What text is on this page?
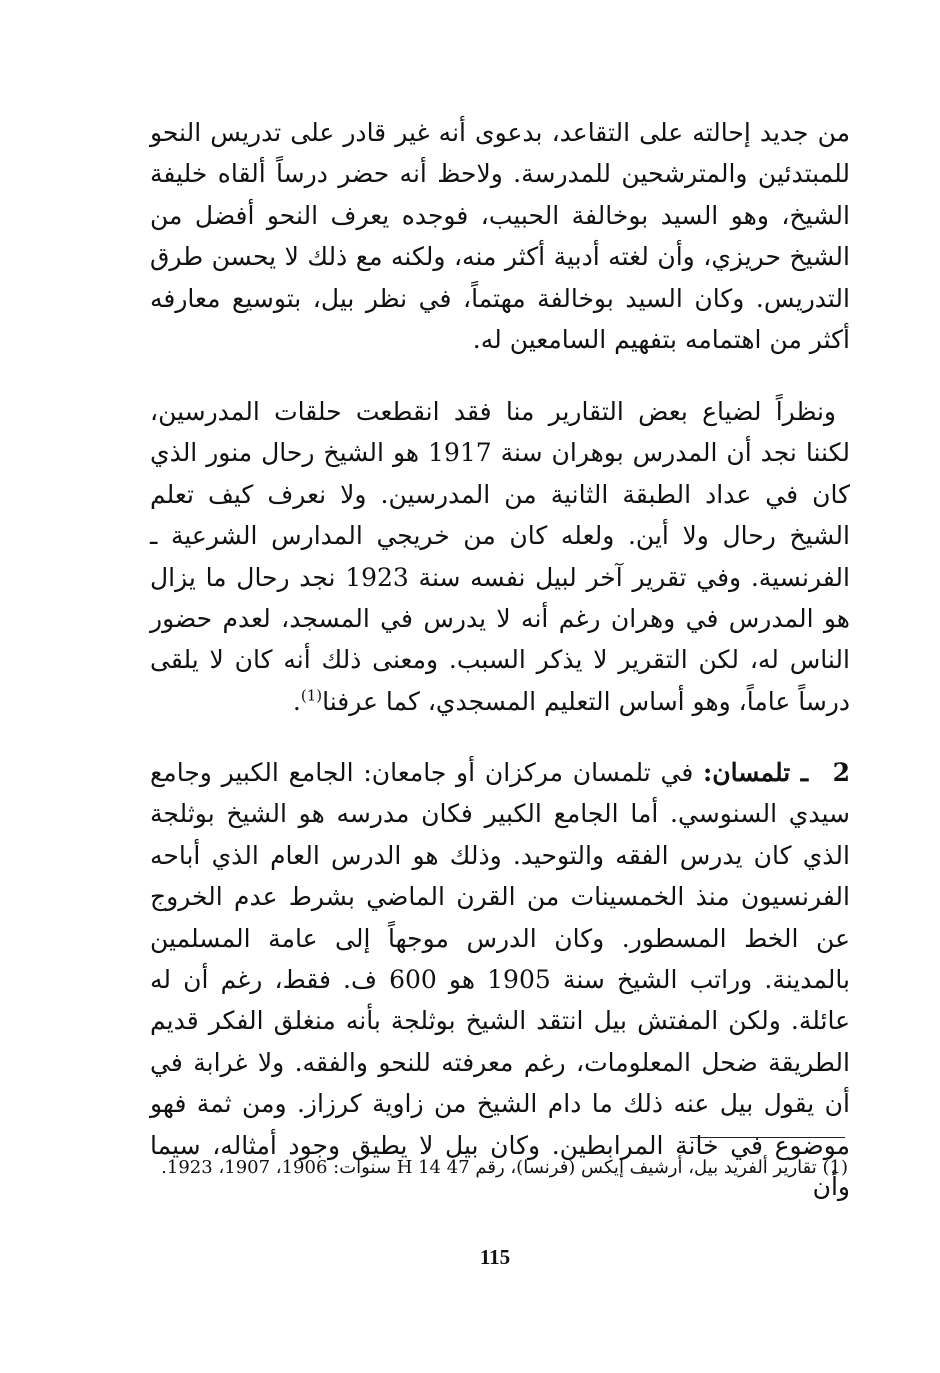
من جديد إحالته على التقاعد، بدعوى أنه غير قادر على تدريس النحو للمبتدئين والمترشحين للمدرسة. ولاحظ أنه حضر درساً ألقاه خليفة الشيخ، وهو السيد بوخالفة الحبيب، فوجده يعرف النحو أفضل من الشيخ حريزي، وأن لغته أدبية أكثر منه، ولكنه مع ذلك لا يحسن طرق التدريس. وكان السيد بوخالفة مهتماً، في نظر بيل، بتوسيع معارفه أكثر من اهتمامه بتفهيم السامعين له.

ونظراً لضياع بعض التقارير منا فقد انقطعت حلقات المدرسين، لكننا نجد أن المدرس بوهران سنة 1917 هو الشيخ رحال منور الذي كان في عداد الطبقة الثانية من المدرسين. ولا نعرف كيف تعلم الشيخ رحال ولا أين. ولعله كان من خريجي المدارس الشرعية ـ الفرنسية. وفي تقرير آخر لبيل نفسه سنة 1923 نجد رحال ما يزال هو المدرس في وهران رغم أنه لا يدرس في المسجد، لعدم حضور الناس له، لكن التقرير لا يذكر السبب. ومعنى ذلك أنه كان لا يلقى درساً عاماً، وهو أساس التعليم المسجدي، كما عرفنا$^{(1)}$.

2 ـ تلمسان: في تلمسان مركزان أو جامعان: الجامع الكبير وجامع سيدي السنوسي. أما الجامع الكبير فكان مدرسه هو الشيخ بوثلجة الذي كان يدرس الفقه والتوحيد. وذلك هو الدرس العام الذي أباحه الفرنسيون منذ الخمسينات من القرن الماضي بشرط عدم الخروج عن الخط المسطور. وكان الدرس موجهاً إلى عامة المسلمين بالمدينة. وراتب الشيخ سنة 1905 هو 600 ف. فقط، رغم أن له عائلة. ولكن المفتش بيل انتقد الشيخ بوثلجة بأنه منغلق الفكر قديم الطريقة ضحل المعلومات، رغم معرفته للنحو والفقه. ولا غرابة في أن يقول بيل عنه ذلك ما دام الشيخ من زاوية كرزاز. ومن ثمة فهو موضوع في خانة المرابطين. وكان بيل لا يطيق وجود أمثاله، سيما وأن

(1) تقارير ألفريد بيل، أرشيف إيكس (فرنسا)، رقم 47 H 14 سنوات: 1906، 1907، 1923.

115
